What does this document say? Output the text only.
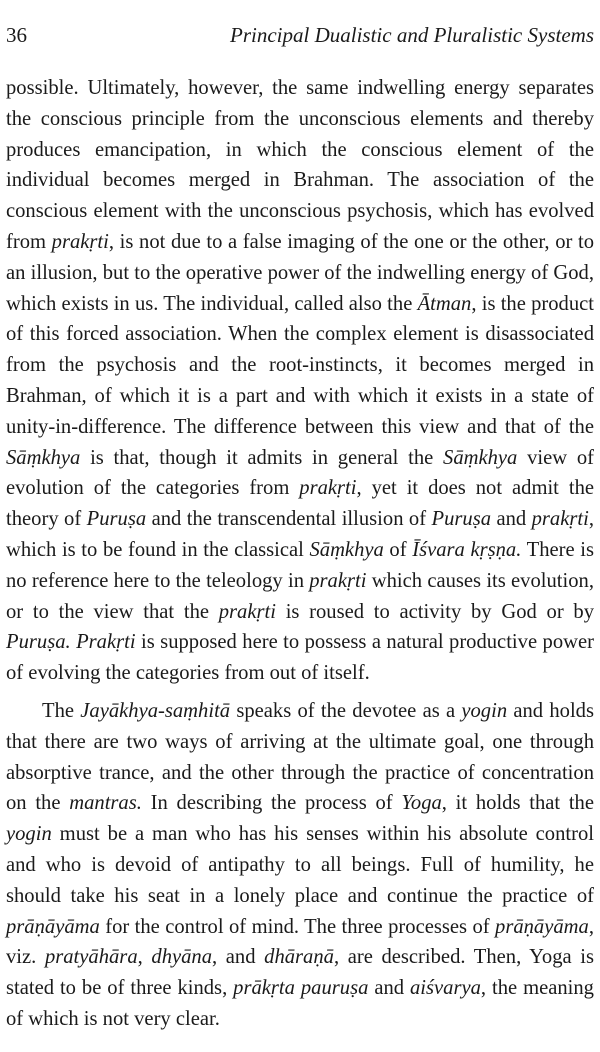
36	Principal Dualistic and Pluralistic Systems

possible. Ultimately, however, the same indwelling energy separates the conscious principle from the unconscious elements and thereby produces emancipation, in which the conscious element of the individual becomes merged in Brahman. The association of the conscious element with the unconscious psychosis, which has evolved from prakṛti, is not due to a false imaging of the one or the other, or to an illusion, but to the operative power of the indwelling energy of God, which exists in us. The individual, called also the Ātman, is the product of this forced association. When the complex element is disassociated from the psychosis and the root-instincts, it becomes merged in Brahman, of which it is a part and with which it exists in a state of unity-in-difference. The difference between this view and that of the Sāṃkhya is that, though it admits in general the Sāṃkhya view of evolution of the categories from prakṛti, yet it does not admit the theory of Puruṣa and the transcendental illusion of Puruṣa and prakṛti, which is to be found in the classical Sāṃkhya of Īśvara kṛṣṇa. There is no reference here to the teleology in prakṛti which causes its evolution, or to the view that the prakṛti is roused to activity by God or by Puruṣa. Prakṛti is supposed here to possess a natural productive power of evolving the categories from out of itself.

The Jayākhya-saṃhitā speaks of the devotee as a yogin and holds that there are two ways of arriving at the ultimate goal, one through absorptive trance, and the other through the practice of concentration on the mantras. In describing the process of Yoga, it holds that the yogin must be a man who has his senses within his absolute control and who is devoid of antipathy to all beings. Full of humility, he should take his seat in a lonely place and continue the practice of prāṇāyāma for the control of mind. The three processes of prāṇāyāma, viz. pratyāhāra, dhyāna, and dhāraṇā, are described. Then, Yoga is stated to be of three kinds, prākṛta pauruṣa and aiśvarya, the meaning of which is not very clear.
